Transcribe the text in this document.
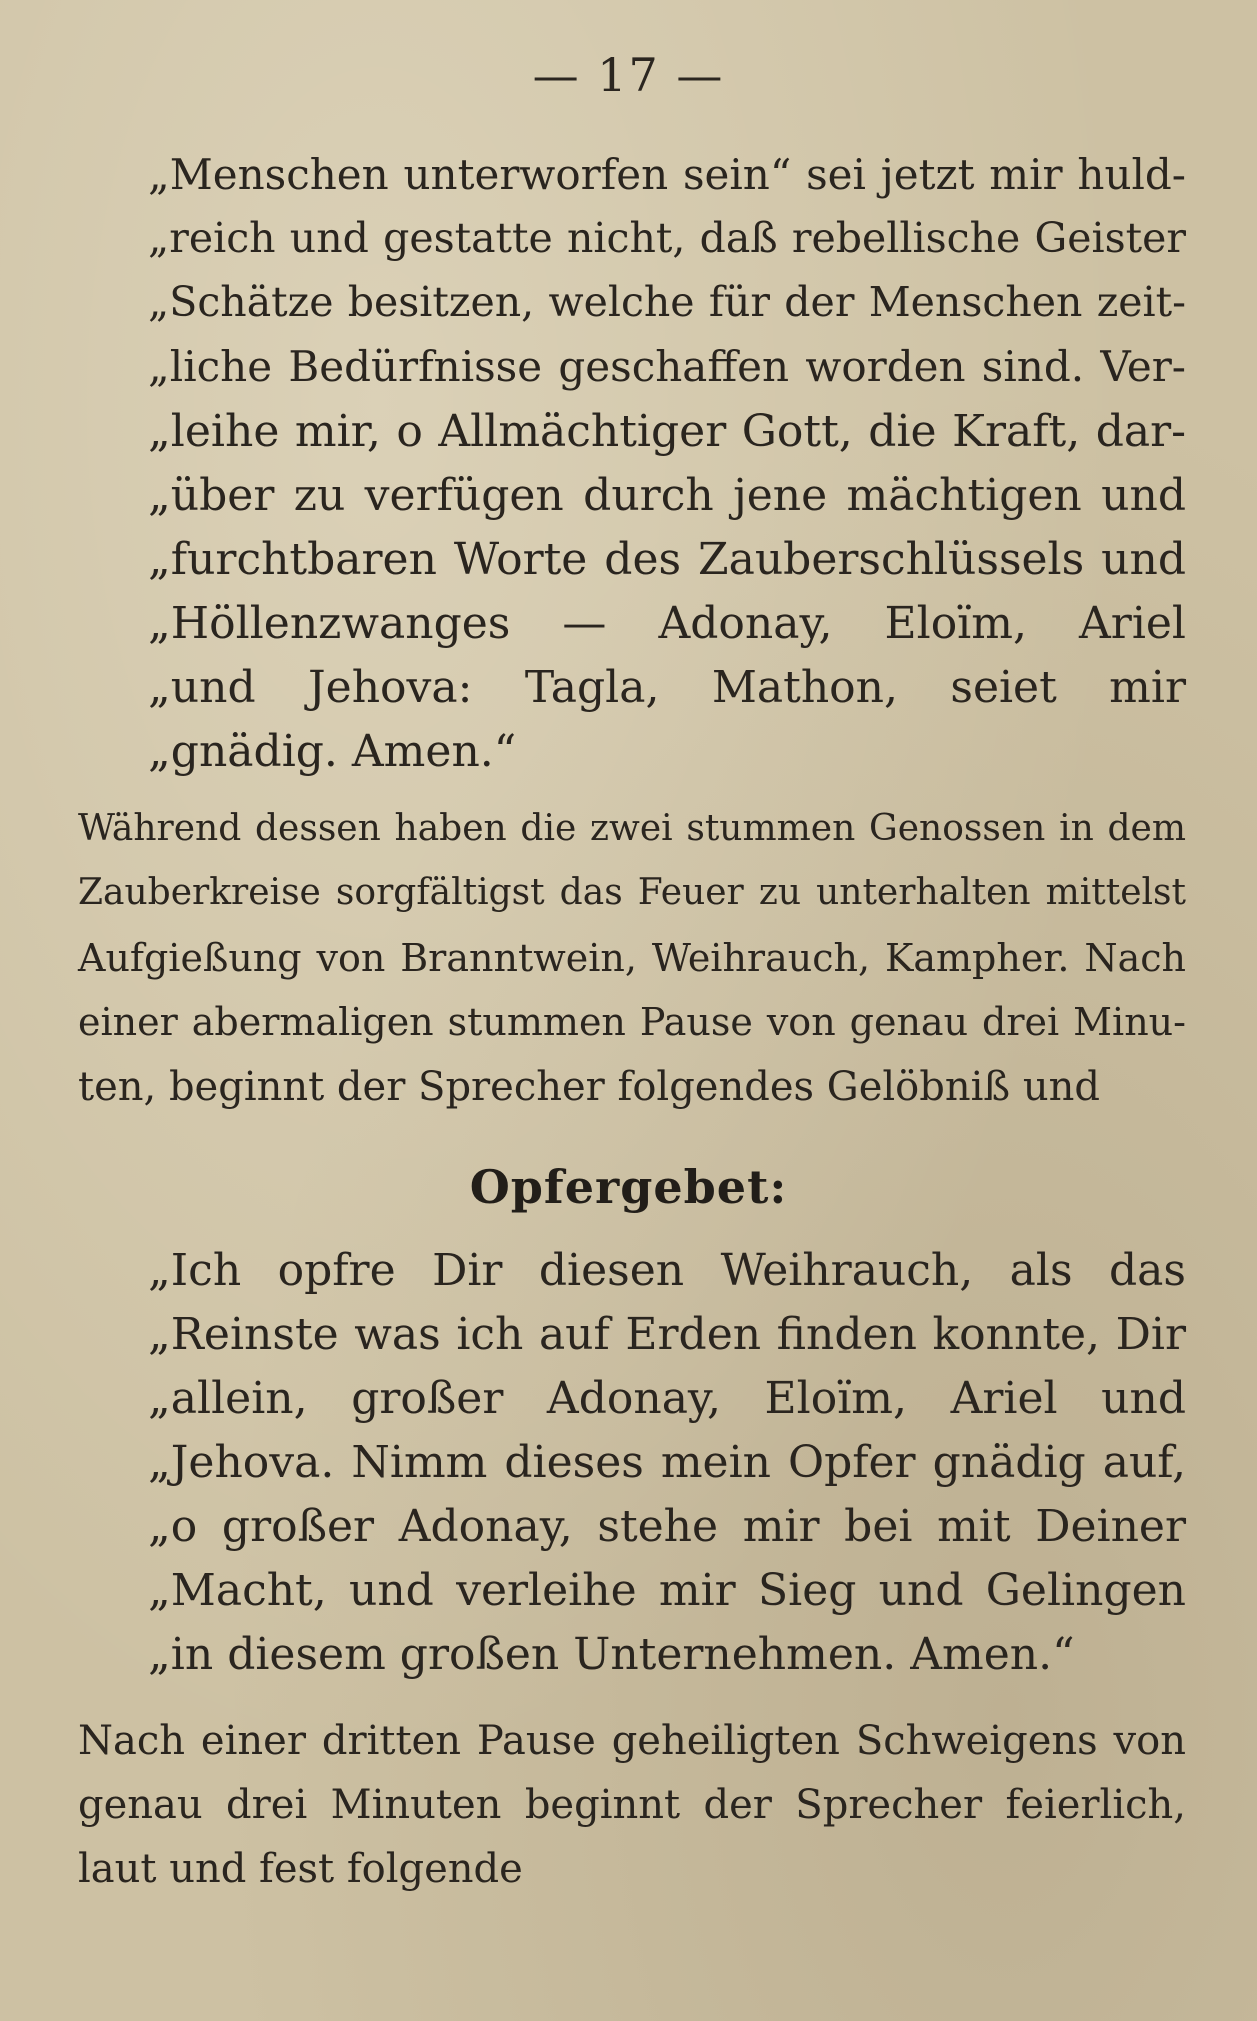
— 17 —
„Menschen unterworfen sein“ sei jetzt mir huld-
„reich und gestatte nicht, daß rebellische Geister
„Schätze besitzen, welche für der Menschen zeit-
„liche Bedürfnisse geschaffen worden sind. Ver-
„leihe mir, o Allmächtiger Gott, die Kraft, dar-
„über zu verfügen durch jene mächtigen und
„furchtbaren Worte des Zauberschlüssels und
„Höllenzwanges — Adonay, Eloïm, Ariel
„und Jehova: Tagla, Mathon, seiet mir
„gnädig. Amen.“
Während dessen haben die zwei stummen Genossen in dem
Zauberkreise sorgfältigst das Feuer zu unterhalten mittelst
Aufgießung von Branntwein, Weihrauch, Kampher. Nach
einer abermaligen stummen Pause von genau drei Minu-
ten, beginnt der Sprecher folgendes Gelöbniß und
Opfergebet:
„Ich opfre Dir diesen Weihrauch, als das
„Reinste was ich auf Erden finden konnte, Dir
„allein, großer Adonay, Eloïm, Ariel und
„Jehova. Nimm dieses mein Opfer gnädig auf,
„o großer Adonay, stehe mir bei mit Deiner
„Macht, und verleihe mir Sieg und Gelingen
„in diesem großen Unternehmen. Amen.“
Nach einer dritten Pause geheiligten Schweigens von
genau drei Minuten beginnt der Sprecher feierlich,
laut und fest folgende
